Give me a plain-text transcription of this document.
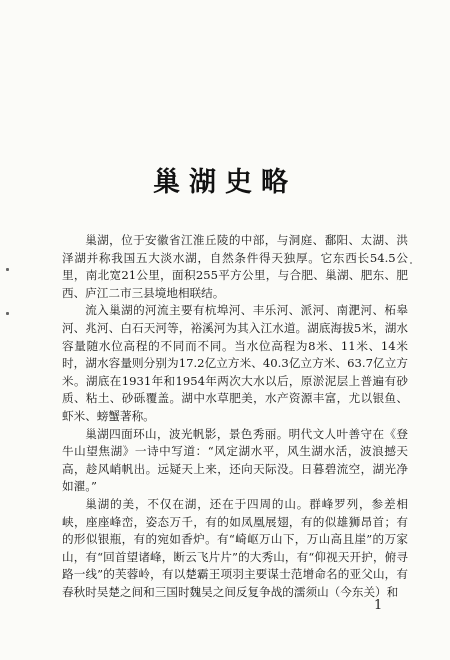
巢湖史略

巢湖，位于安徽省江淮丘陵的中部，与洞庭、鄱阳、太湖、洪泽湖并称我国五大淡水湖，自然条件得天独厚。它东西长54.5公里，南北宽21公里，面积255平方公里，与合肥、巢湖、肥东、肥西、庐江二市三县境地相联结。

流入巢湖的河流主要有杭埠河、丰乐河、派河、南淝河、柘皋河、兆河、白石天河等，裕溪河为其入江水道。湖底海拔5米，湖水容量随水位高程的不同而不同。当水位高程为8米、11米、14米时，湖水容量则分别为17.2亿立方米、40.3亿立方米、63.7亿立方米。湖底在1931年和1954年两次大水以后，原淤泥层上普遍有砂质、粘土、砂砾覆盖。湖中水草肥美，水产资源丰富，尤以银鱼、虾米、螃蟹著称。

巢湖四面环山，波光帆影，景色秀丽。明代文人叶善守在《登牛山望焦湖》一诗中写道：“风定湖水平，风生湖水活，波浪撼天高，趁风峭帆出。远疑天上来，还向天际没。日暮碧流空，湖光净如濯。”

巢湖的美，不仅在湖，还在于四周的山。群峰罗列，参差相峡，座座峰峦，姿态万千，有的如凤凰展翅，有的似雄狮昂首；有的形似银瓶，有的宛如香炉。有“崎岖万山下，万山高且崖”的万家山，有“回首望诸峰，断云飞片片”的大秀山，有“仰视天开护，俯寻路一线”的芙蓉岭，有以楚霸王项羽主要谋士范增命名的亚父山，有春秋时吴楚之间和三国时魏吴之间反复争战的濡须山（今东关）和

1
